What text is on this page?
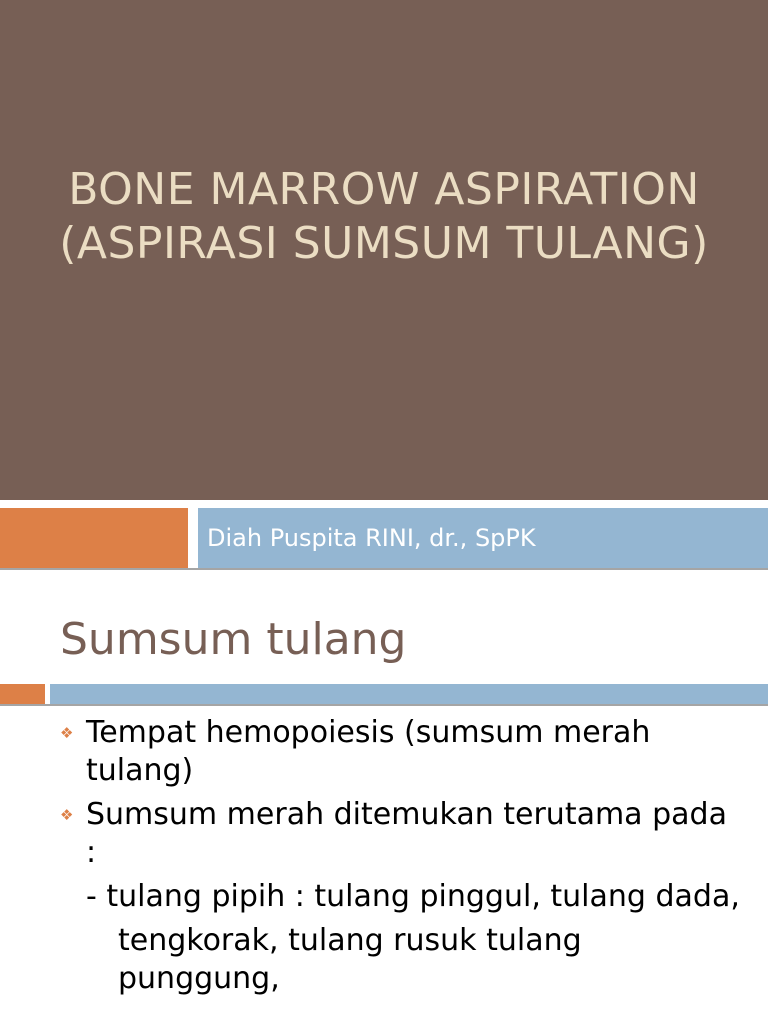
BONE MARROW ASPIRATION
(ASPIRASI SUMSUM TULANG)
Diah Puspita RINI, dr., SpPK
Sumsum tulang
❖ Tempat hemopoiesis (sumsum merah tulang)
❖ Sumsum merah ditemukan terutama pada :
- tulang pipih : tulang pinggul, tulang dada,
tengkorak, tulang rusuk tulang punggung,
